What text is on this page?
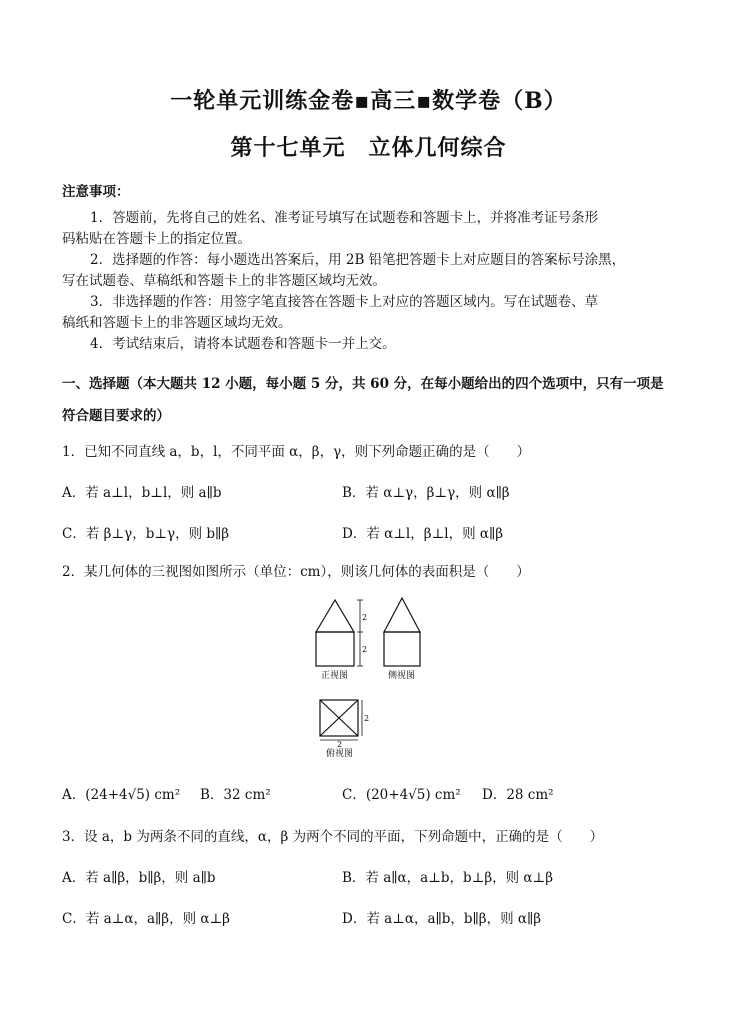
一轮单元训练金卷▪高三▪数学卷（B）
第十七单元　立体几何综合
注意事项：
1．答题前，先将自己的姓名、准考证号填写在试题卷和答题卡上，并将准考证号条形
码粘贴在答题卡上的指定位置。
2．选择题的作答：每小题选出答案后，用 2B 铅笔把答题卡上对应题目的答案标号涂黑，
写在试题卷、草稿纸和答题卡上的非答题区域均无效。
3．非选择题的作答：用签字笔直接答在答题卡上对应的答题区域内。写在试题卷、草
稿纸和答题卡上的非答题区域均无效。
4．考试结束后，请将本试题卷和答题卡一并上交。
一、选择题（本大题共 12 小题，每小题 5 分，共 60 分，在每小题给出的四个选项中，只有一项是
符合题目要求的）
1．已知不同直线 a，b，l，不同平面 α，β，γ，则下列命题正确的是（　　）
A．若 a⊥l，b⊥l，则 a∥b	B．若 α⊥γ，β⊥γ，则 α∥β
C．若 β⊥γ，b⊥γ，则 b∥β	D．若 α⊥l，β⊥l，则 α∥β
2．某几何体的三视图如图所示（单位：cm），则该几何体的表面积是（　　）
2
2
正视图	侧视图
2
2
俯视图
A．(24+4√5) cm² B．32 cm²	C．(20+4√5) cm² D．28 cm²
3．设 a，b 为两条不同的直线，α，β 为两个不同的平面，下列命题中，正确的是（　　）
A．若 a∥β，b∥β，则 a∥b	B．若 a∥α，a⊥b，b⊥β，则 α⊥β
C．若 a⊥α，a∥β，则 α⊥β	D．若 a⊥α，a∥b，b∥β，则 α∥β
